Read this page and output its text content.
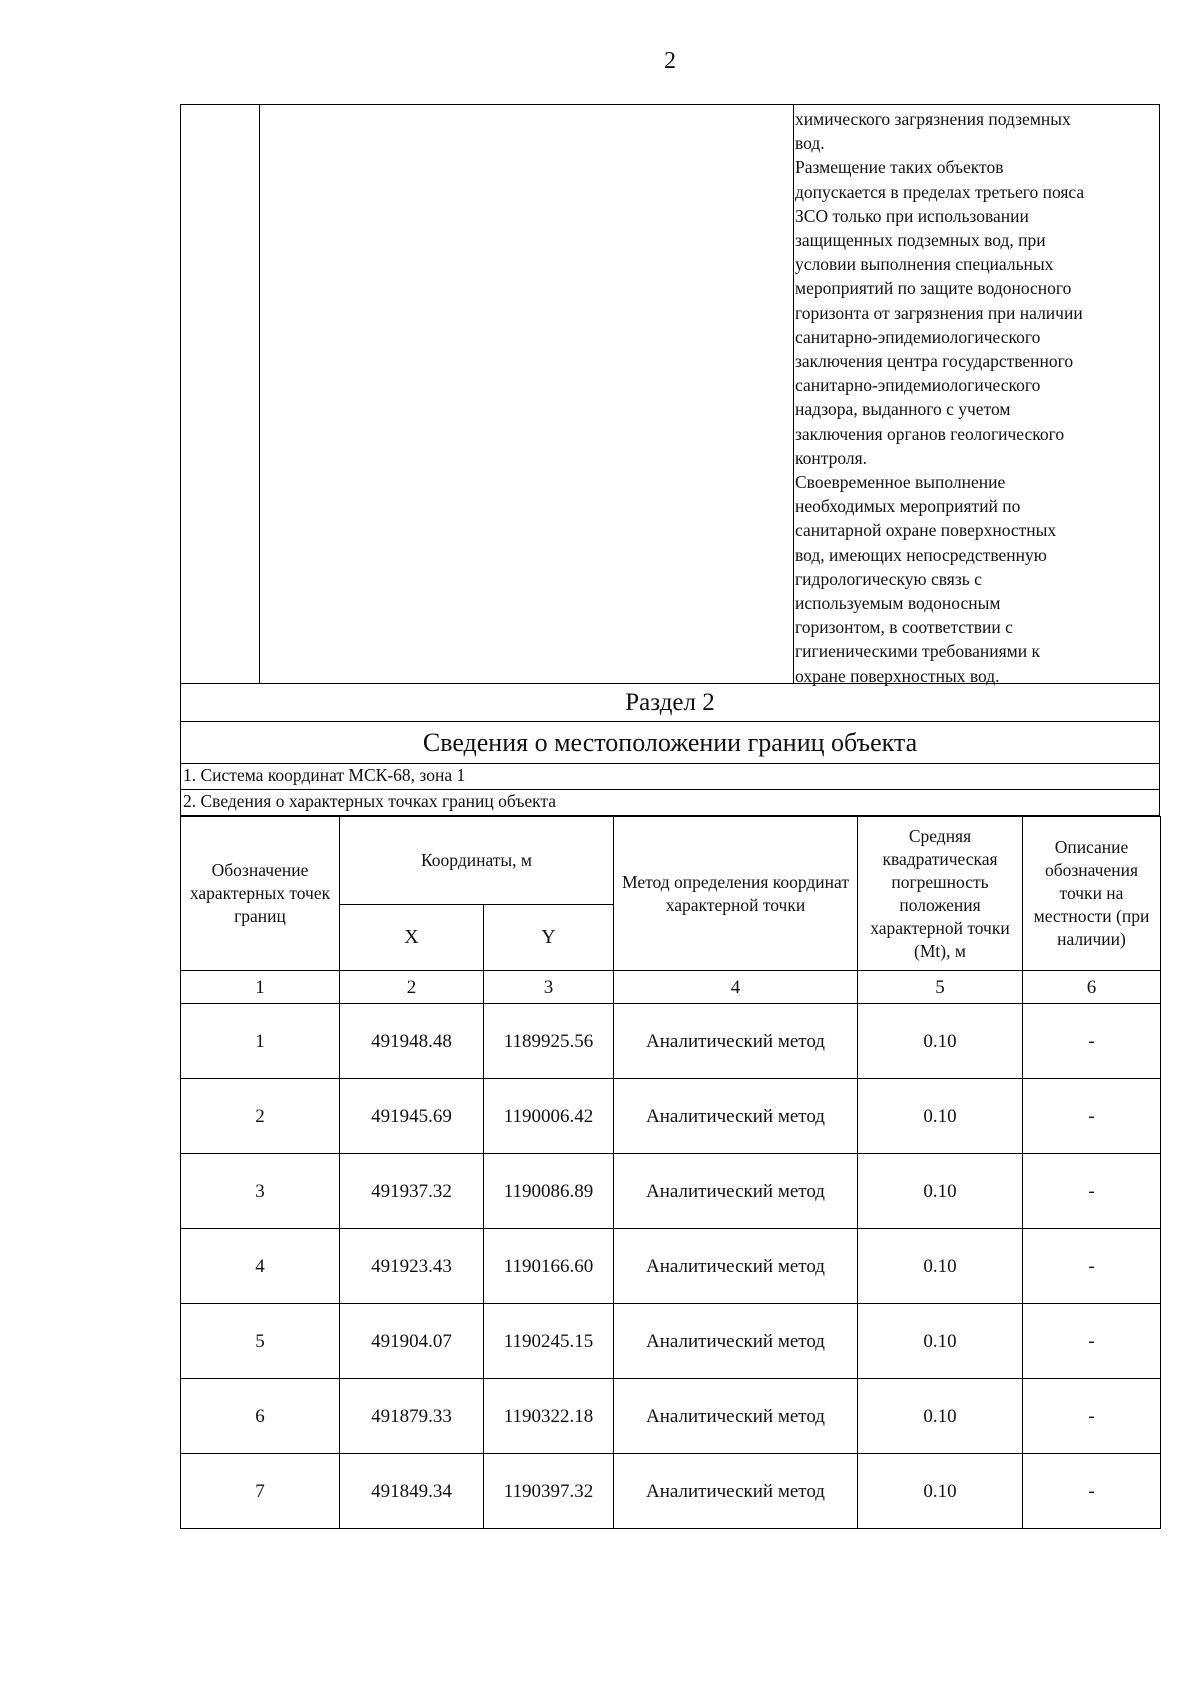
2
химического загрязнения подземных
вод.
Размещение таких объектов
допускается в пределах третьего пояса
ЗСО только при использовании
защищенных подземных вод, при
условии выполнения специальных
мероприятий по защите водоносного
горизонта от загрязнения при наличии
санитарно-эпидемиологического
заключения центра государственного
санитарно-эпидемиологического
надзора, выданного с учетом
заключения органов геологического
контроля.
Своевременное выполнение
необходимых мероприятий по
санитарной охране поверхностных
вод, имеющих непосредственную
гидрологическую связь с
используемым водоносным
горизонтом, в соответствии с
гигиеническими требованиями к
охране поверхностных вод.
Раздел 2
Сведения о местоположении границ объекта
1. Система координат МСК-68, зона 1
2. Сведения о характерных точках границ объекта
Обозначение характерных точек границ	Координаты, м		Метод определения координат характерной точки	Средняя квадратическая погрешность положения характерной точки (Mt), м	Описание обозначения точки на местности (при наличии)
	X	Y			
1	2	3	4	5	6
1	491948.48	1189925.56	Аналитический метод	0.10	-
2	491945.69	1190006.42	Аналитический метод	0.10	-
3	491937.32	1190086.89	Аналитический метод	0.10	-
4	491923.43	1190166.60	Аналитический метод	0.10	-
5	491904.07	1190245.15	Аналитический метод	0.10	-
6	491879.33	1190322.18	Аналитический метод	0.10	-
7	491849.34	1190397.32	Аналитический метод	0.10	-
